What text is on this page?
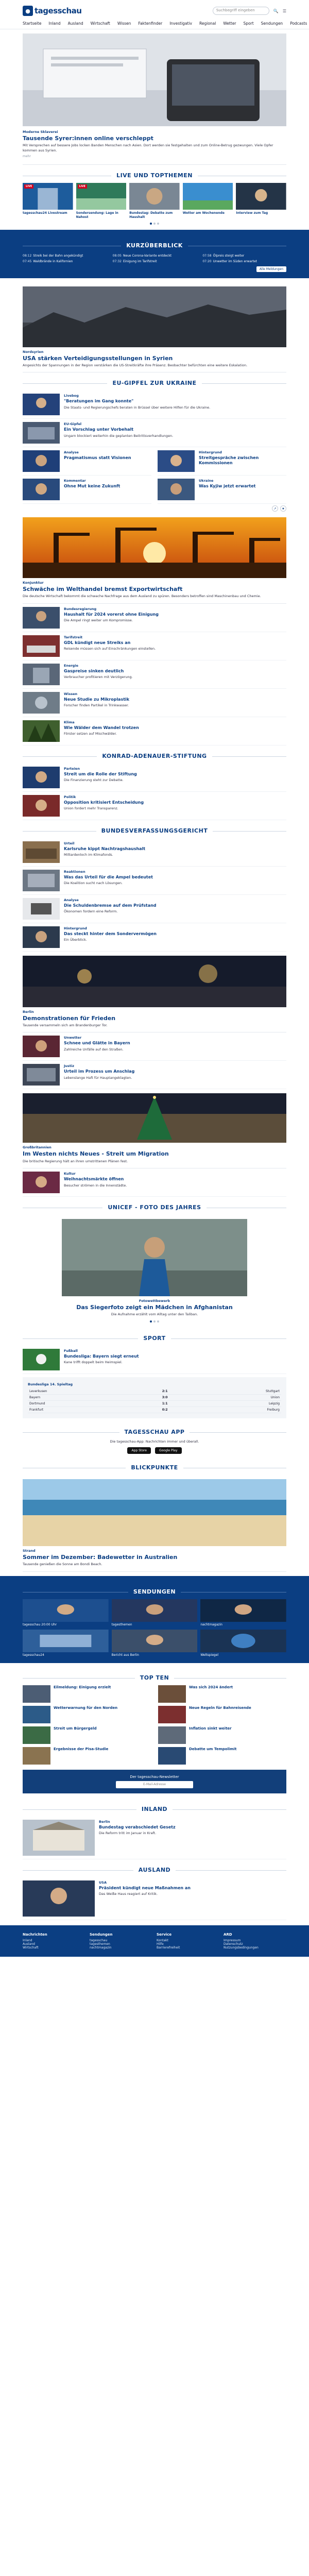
● tagesschau	Suchbegriff eingeben	🔍 ☰
Startseite Inland Ausland Wirtschaft Wissen Faktenfinder Investigativ Regional Wetter Sport Sendungen Podcasts
Moderne Sklaverei
Tausende Syrer:innen online verschleppt
Mit Versprechen auf bessere Jobs locken Banden Menschen nach Asien. Dort werden sie festgehalten und zum Online-Betrug gezwungen. Viele Opfer kommen aus Syrien.
mehr
LIVE UND TOPTHEMEN
LIVE
tagesschau24 Livestream
LIVE
Sondersendung: Lage in Nahost
Bundestag: Debatte zum Haushalt
Wetter am Wochenende	Interview zum Tag
KURZÜBERBLICK
08:12 Streik bei der Bahn angekündigt	08:05 Neue Corona-Variante entdeckt	07:58 Ölpreis steigt weiter
07:45 Waldbrände in Kalifornien	07:32 Einigung im Tarifstreit	07:20 Unwetter im Süden erwartet
Alle Meldungen
Nordsyrien
USA stärken Verteidigungsstellungen in Syrien
Angesichts der Spannungen in der Region verstärken die US-Streitkräfte ihre Präsenz. Beobachter befürchten eine weitere Eskalation.
EU-GIPFEL ZUR UKRAINE
Livebog
"Beratungen im Gang konnte"
Die Staats- und Regierungschefs beraten in Brüssel über weitere Hilfen für die Ukraine.
EU-Gipfel
Ein Vorschlag unter Vorbehalt
Ungarn blockiert weiterhin die geplanten Beitrittsverhandlungen.
Analyse
Pragmatismus statt Visionen
Hintergrund
Streitgespräche zwischen Kommissionen
Kommentar
Ohne Mut keine Zukunft
Ukraine
Was Kyjiw jetzt erwartet
↗	★
Konjunktur
Schwäche im Welthandel bremst Exportwirtschaft
Die deutsche Wirtschaft bekommt die schwache Nachfrage aus dem Ausland zu spüren. Besonders betroffen sind Maschinenbau und Chemie.
Bundesregierung
Haushalt für 2024 vorerst ohne Einigung
Die Ampel ringt weiter um Kompromisse.
Tarifstreit
GDL kündigt neue Streiks an
Reisende müssen sich auf Einschränkungen einstellen.
Energie
Gaspreise sinken deutlich
Verbraucher profitieren mit Verzögerung.
Wissen
Neue Studie zu Mikroplastik
Forscher finden Partikel in Trinkwasser.
Klima
Wie Wälder dem Wandel trotzen
Förster setzen auf Mischwälder.
KONRAD-ADENAUER-STIFTUNG
Parteien
Streit um die Rolle der Stiftung
Die Finanzierung steht zur Debatte.
Politik
Opposition kritisiert Entscheidung
Union fordert mehr Transparenz.
BUNDESVERFASSUNGSGERICHT
Urteil
Karlsruhe kippt Nachtragshaushalt
Milliardenloch im Klimafonds.
Reaktionen
Was das Urteil für die Ampel bedeutet
Die Koalition sucht nach Lösungen.
Analyse
Die Schuldenbremse auf dem Prüfstand
Ökonomen fordern eine Reform.
Hintergrund
Das steckt hinter dem Sondervermögen
Ein Überblick.
Berlin
Demonstrationen für Frieden
Tausende versammeln sich am Brandenburger Tor.
Unwetter
Schnee und Glätte in Bayern
Zahlreiche Unfälle auf den Straßen.
Justiz
Urteil im Prozess um Anschlag
Lebenslange Haft für Hauptangeklagten.
Großbritannien
Im Westen nichts Neues - Streit um Migration
Die britische Regierung hält an ihren umstrittenen Plänen fest.
Kultur
Weihnachtsmärkte öffnen
Besucher strömen in die Innenstädte.
UNICEF - FOTO DES JAHRES
Fotowettbewerb
Das Siegerfoto zeigt ein Mädchen in Afghanistan
Die Aufnahme erzählt vom Alltag unter den Taliban.
SPORT
Fußball
Bundesliga: Bayern siegt erneut
Kane trifft doppelt beim Heimspiel.
Bundesliga 14. Spieltag
Leverkusen	2:1	Stuttgart
Bayern	3:0	Union
Dortmund	1:1	Leipzig
Frankfurt	0:2	Freiburg
TAGESSCHAU APP
Die tagesschau-App: Nachrichten immer und überall.
App Store	Google Play
BLICKPUNKTE
Strand
Sommer im Dezember: Badewetter in Australien
Tausende genießen die Sonne am Bondi Beach.
SENDUNGEN
tagesschau 20:00 Uhr	tagesthemen	nachtmagazin
tagesschau24	Bericht aus Berlin	Weltspiegel
TOP TEN
Eilmeldung: Einigung erzielt	Was sich 2024 ändert
Wetterwarnung für den Norden	Neue Regeln für Bahnreisende
Streit um Bürgergeld	Inflation sinkt weiter
Ergebnisse der Pisa-Studie	Debatte um Tempolimit
Der tagesschau-Newsletter
E-Mail-Adresse
INLAND
Berlin
Bundestag verabschiedet Gesetz
Die Reform tritt im Januar in Kraft.
AUSLAND
USA
Präsident kündigt neue Maßnahmen an
Das Weiße Haus reagiert auf Kritik.
Nachrichten
Inland
Ausland
Wirtschaft
Sendungen
tagesschau
tagesthemen
nachtmagazin
Service
Kontakt
Hilfe
Barrierefreiheit
ARD
Impressum
Datenschutz
Nutzungsbedingungen
